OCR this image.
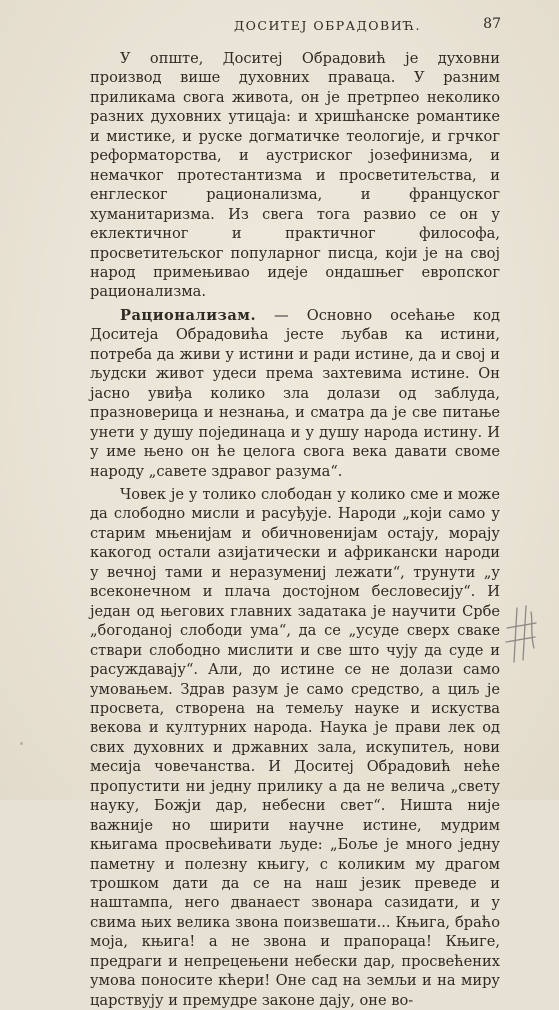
ДОСИТЕЈ ОБРАДОВИЋ.	87

У опште, Доситеј Обрадовић је духовни производ више духовних праваца. У разним приликама свога живота, он је претрпео неколико разних духовних утицаја: и хришћанске романтике и мистике, и руске догматичке теологије, и грчког реформаторства, и аустриског јозефинизма, и немачког протестантизма и просветитељства, и енглеског рационализма, и француског хуманитаризма. Из свега тога развио се он у еклектичног и практичног философа, просветитељског популарног писца, који је на свој народ примењивао идеје ондашњег европског рационализма.

Рационализам. — Основно осећање код Доситеја Обрадовића јесте љубав ка истини, потреба да живи у истини и ради истине, да и свој и људски живот удеси према захтевима истине. Он јасно увиђа колико зла долази од заблуда, празноверица и незнања, и сматра да је све питање унети у душу појединаца и у душу народа истину. И у име њено он ће целога свога века давати своме народу „савете здравог разума“.

Човек је у толико слободан у колико сме и може да слободно мисли и расуђује. Народи „који само у старим мњенијам и обичновенијам остају, морају какогод остали азијатически и африкански народи у вечној тами и неразумениј лежати“, трунути „у всеконечном и плача достојном бесловесију“. И један од његових главних задатака је научити Србе „богоданој слободи ума“, да се „усуде сверх сваке ствари слободно мислити и све што чују да суде и расуждавају“. Али, до истине се не долази само умовањем. Здрав разум је само средство, а циљ је просвета, створена на темељу науке и искуства векова и културних народа. Наука је прави лек од свих духовних и државних зала, искупитељ, нови месија човечанства. И Доситеј Обрадовић неће пропустити ни једну прилику а да не велича „свету науку, Божји дар, небесни свет“. Ништа није важније но ширити научне истине, мудрим књигама просвећивати људе: „Боље је много једну паметну и полезну књигу, с коликим му драгом трошком дати да се на наш језик преведе и наштампа, него дванаест звонара сазидати, и у свима њих велика звона поизвешати... Књига, браћо моја, књига! а не звона и прапораца! Књиге, предраги и непрецењени небески дар, просвећених умова поносите кћери! Оне сад на земљи и на миру царствују и премудре законе дају, оне во-
